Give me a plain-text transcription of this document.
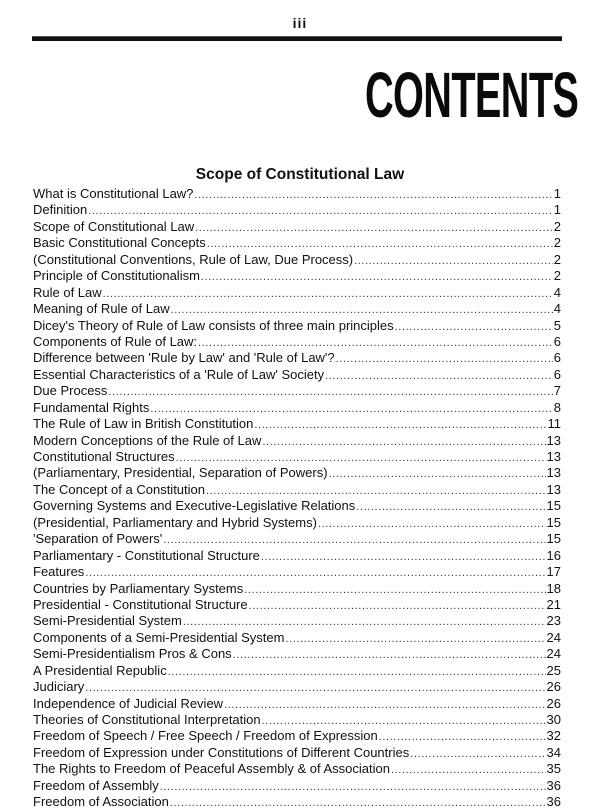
iii
CONTENTS
Scope of Constitutional Law
What is Constitutional Law? .....	1
Definition .....	1
Scope of Constitutional Law .....	2
Basic Constitutional Concepts .....	2
(Constitutional Conventions, Rule of Law, Due Process) .....	2
Principle of Constitutionalism .....	2
Rule of Law .....	4
Meaning of Rule of Law .....	4
Dicey's Theory of Rule of Law consists of three main principles .....	5
Components of Rule of Law: .....	6
Difference between 'Rule by Law' and 'Rule of Law'? .....	6
Essential Characteristics of a 'Rule of Law' Society .....	6
Due Process .....	7
Fundamental Rights .....	8
The Rule of Law in British Constitution .....	11
Modern Conceptions of the Rule of Law .....	13
Constitutional Structures .....	13
(Parliamentary, Presidential, Separation of Powers) .....	13
The Concept of a Constitution .....	13
Governing Systems and Executive-Legislative Relations .....	15
(Presidential, Parliamentary and Hybrid Systems) .....	15
'Separation of Powers' .....	15
Parliamentary - Constitutional Structure .....	16
Features .....	17
Countries by Parliamentary Systems .....	18
Presidential - Constitutional Structure .....	21
Semi-Presidential System .....	23
Components of a Semi-Presidential System .....	24
Semi-Presidentialism Pros & Cons .....	24
A Presidential Republic .....	25
Judiciary .....	26
Independence of Judicial Review .....	26
Theories of Constitutional Interpretation .....	30
Freedom of Speech / Free Speech / Freedom of Expression .....	32
Freedom of Expression under Constitutions of Different Countries .....	34
The Rights to Freedom of Peaceful Assembly & of Association .....	35
Freedom of Assembly .....	36
Freedom of Association .....	36
